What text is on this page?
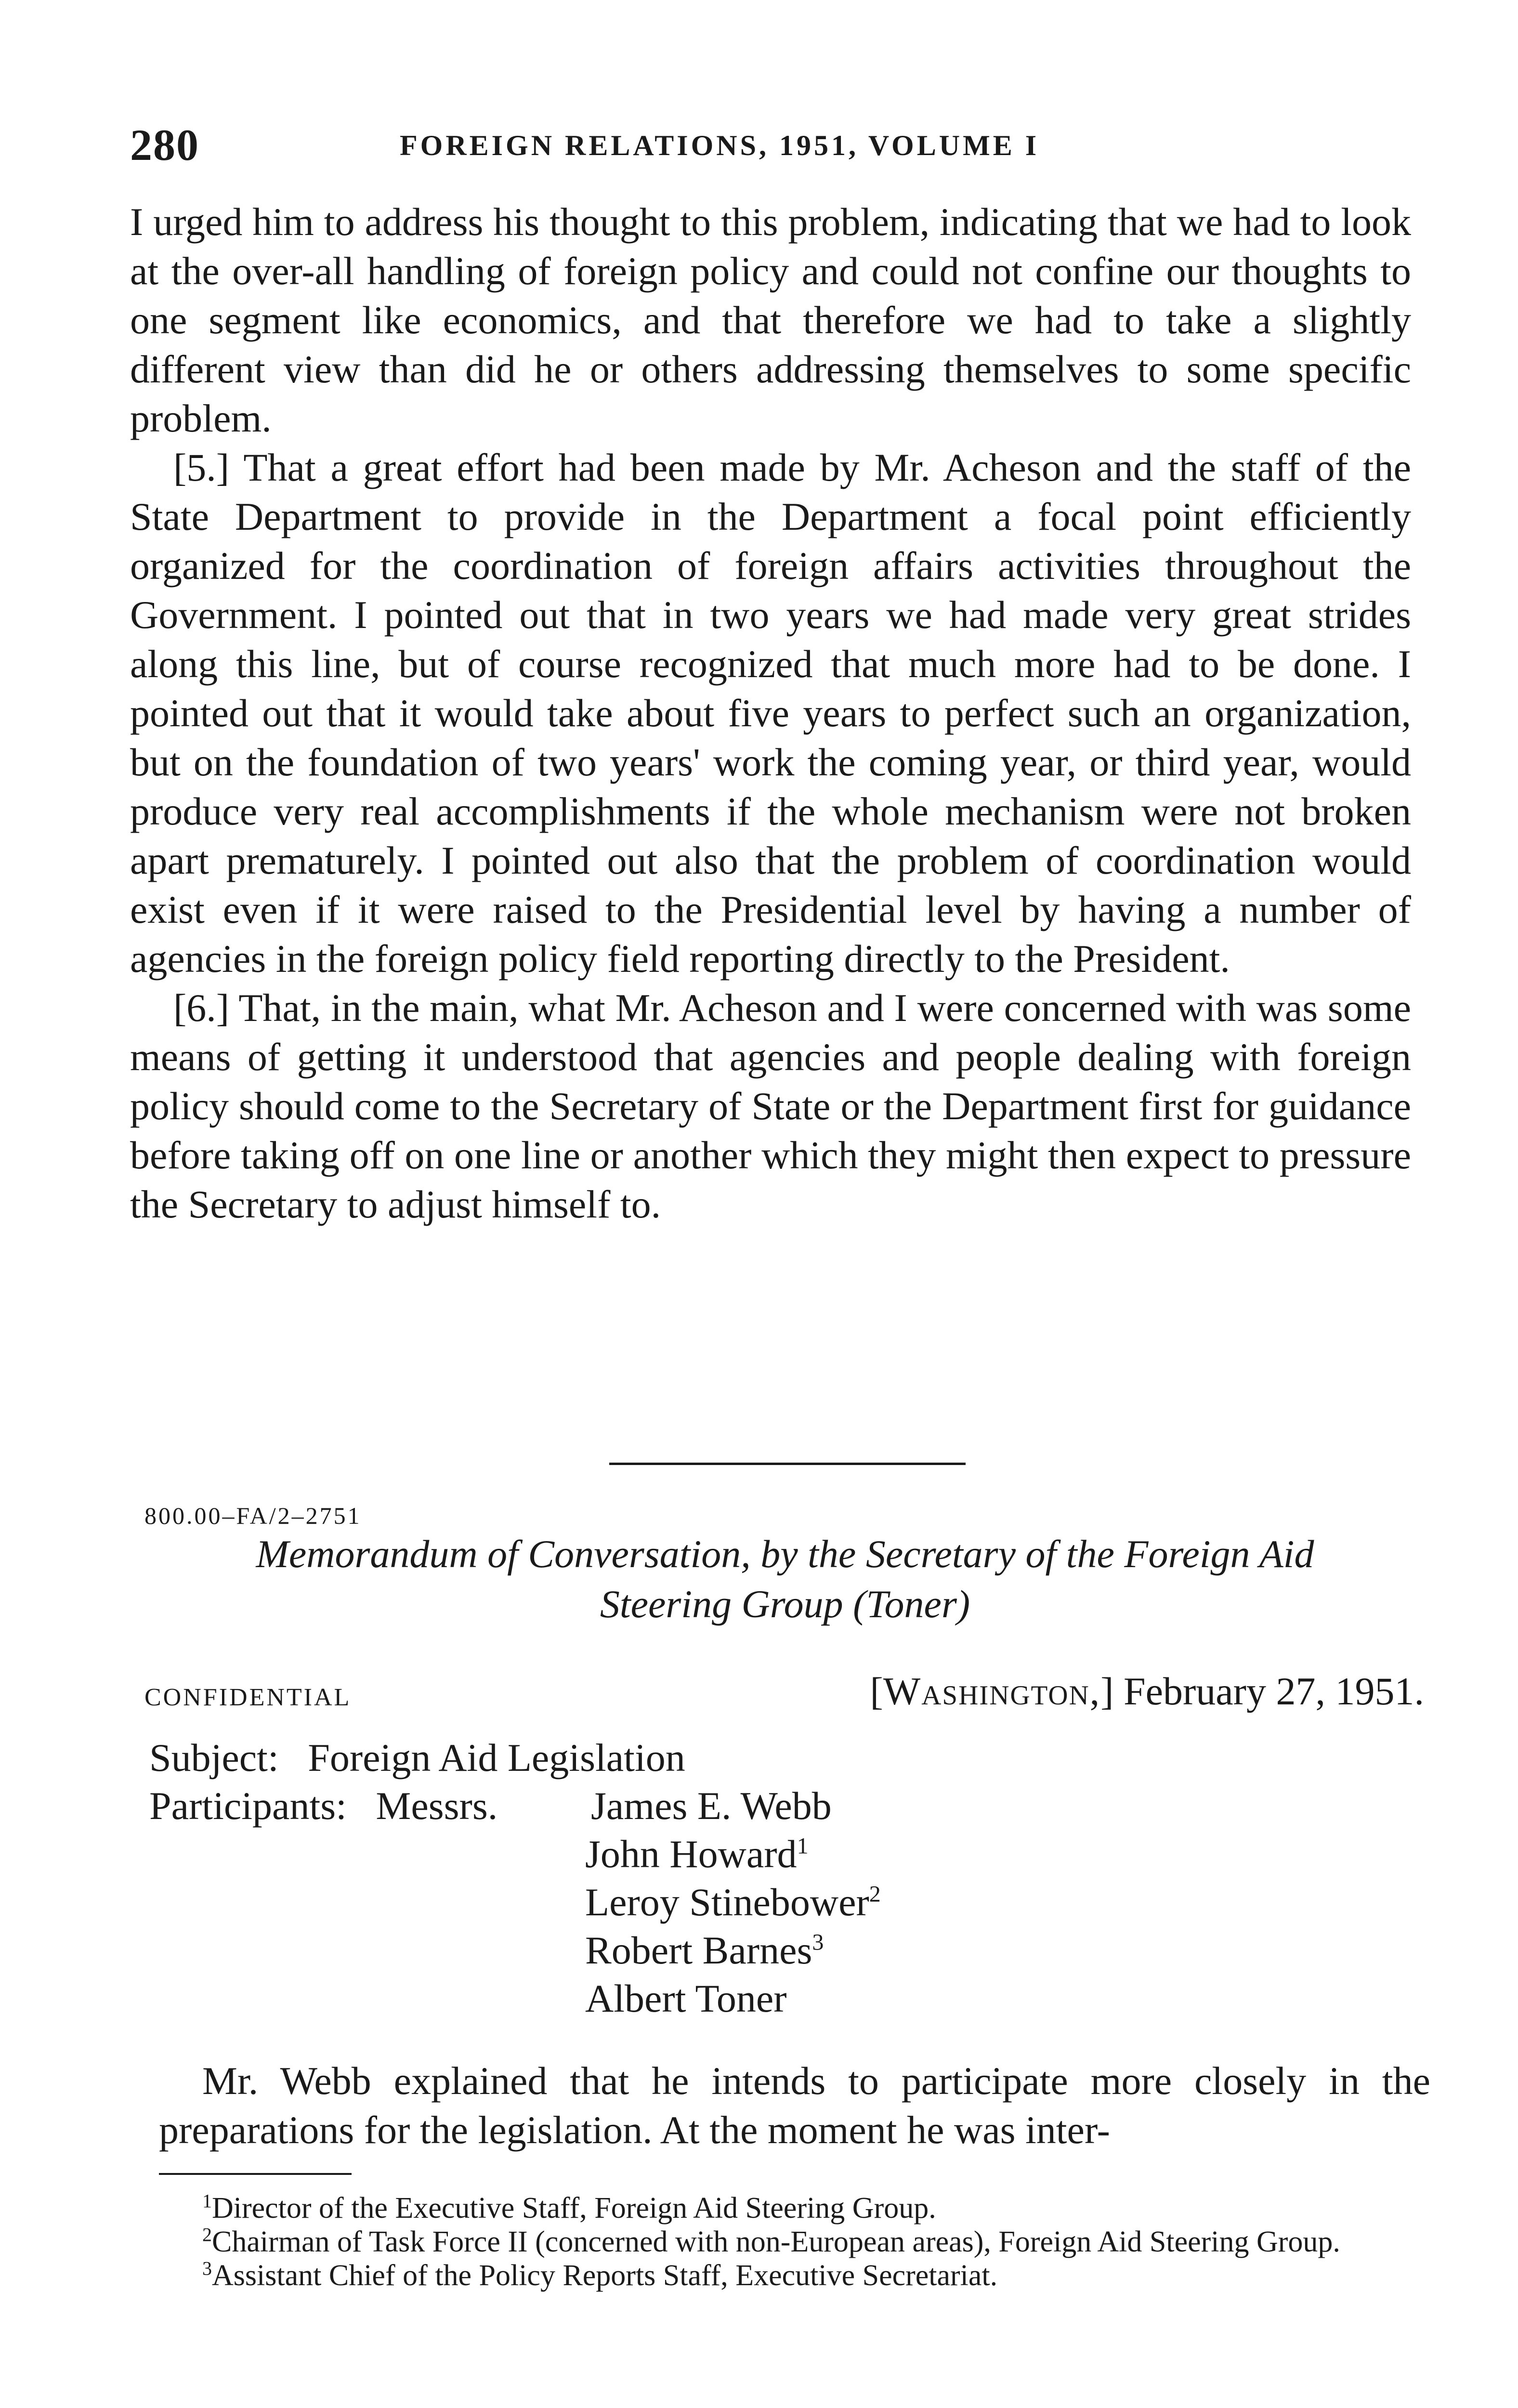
280	FOREIGN RELATIONS, 1951, VOLUME I

I urged him to address his thought to this problem, indicating that we had to look at the over-all handling of foreign policy and could not confine our thoughts to one segment like economics, and that therefore we had to take a slightly different view than did he or others addressing themselves to some specific problem.

[5.] That a great effort had been made by Mr. Acheson and the staff of the State Department to provide in the Department a focal point efficiently organized for the coordination of foreign affairs activities throughout the Government. I pointed out that in two years we had made very great strides along this line, but of course recognized that much more had to be done. I pointed out that it would take about five years to perfect such an organization, but on the foundation of two years' work the coming year, or third year, would produce very real accomplishments if the whole mechanism were not broken apart prematurely. I pointed out also that the problem of coordination would exist even if it were raised to the Presidential level by having a number of agencies in the foreign policy field reporting directly to the President.

[6.] That, in the main, what Mr. Acheson and I were concerned with was some means of getting it understood that agencies and people dealing with foreign policy should come to the Secretary of State or the Department first for guidance before taking off on one line or another which they might then expect to pressure the Secretary to adjust himself to.

800.00–FA/2–2751
Memorandum of Conversation, by the Secretary of the Foreign Aid
Steering Group (Toner)
CONFIDENTIAL	[Washington,] February 27, 1951.
Subject: Foreign Aid Legislation
Participants: Messrs. James E. Webb
John Howard$^1$
Leroy Stinebower$^2$
Robert Barnes$^3$
Albert Toner

Mr. Webb explained that he intends to participate more closely in the preparations for the legislation. At the moment he was inter-

$^1$Director of the Executive Staff, Foreign Aid Steering Group.

$^2$Chairman of Task Force II (concerned with non-European areas), Foreign Aid Steering Group.

$^3$Assistant Chief of the Policy Reports Staff, Executive Secretariat.
